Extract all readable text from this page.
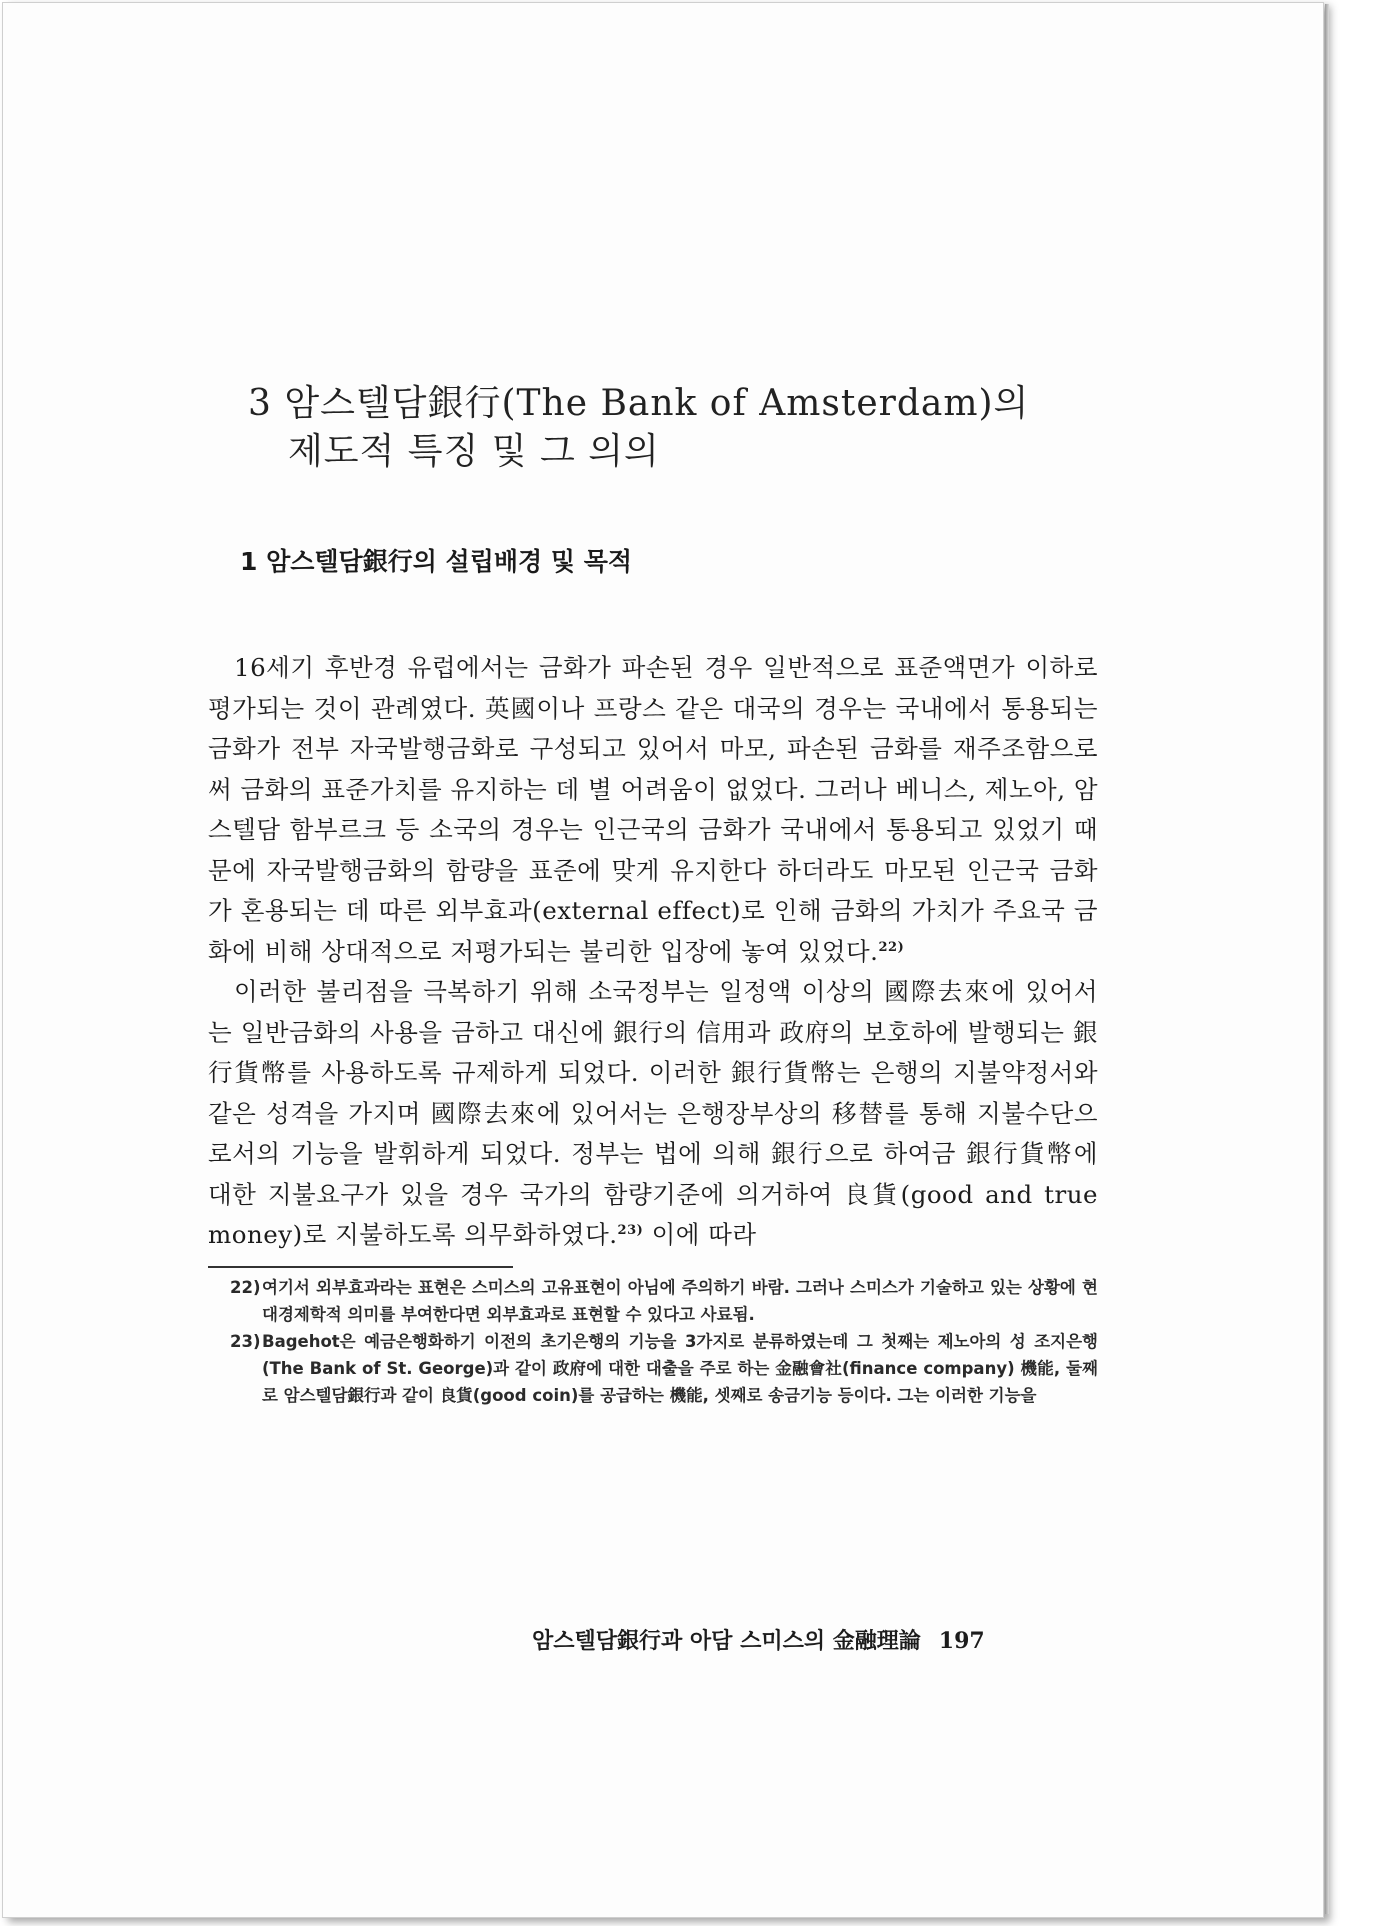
3 암스텔담銀行(The Bank of Amsterdam)의
제도적 특징 및 그 의의
1 암스텔담銀行의 설립배경 및 목적

16세기 후반경 유럽에서는 금화가 파손된 경우 일반적으로 표준액면가 이하로 평가되는 것이 관례였다. 英國이나 프랑스 같은 대국의 경우는 국내에서 통용되는 금화가 전부 자국발행금화로 구성되고 있어서 마모, 파손된 금화를 재주조함으로써 금화의 표준가치를 유지하는 데 별 어려움이 없었다. 그러나 베니스, 제노아, 암스텔담 함부르크 등 소국의 경우는 인근국의 금화가 국내에서 통용되고 있었기 때문에 자국발행금화의 함량을 표준에 맞게 유지한다 하더라도 마모된 인근국 금화가 혼용되는 데 따른 외부효과(external effect)로 인해 금화의 가치가 주요국 금화에 비해 상대적으로 저평가되는 불리한 입장에 놓여 있었다.$^{22)}$

이러한 불리점을 극복하기 위해 소국정부는 일정액 이상의 國際去來에 있어서는 일반금화의 사용을 금하고 대신에 銀行의 信用과 政府의 보호하에 발행되는 銀行貨幣를 사용하도록 규제하게 되었다. 이러한 銀行貨幣는 은행의 지불약정서와 같은 성격을 가지며 國際去來에 있어서는 은행장부상의 移替를 통해 지불수단으로서의 기능을 발휘하게 되었다. 정부는 법에 의해 銀行으로 하여금 銀行貨幣에 대한 지불요구가 있을 경우 국가의 함량기준에 의거하여 良貨(good and true money)로 지불하도록 의무화하였다.$^{23)}$ 이에 따라

22) 여기서 외부효과라는 표현은 스미스의 고유표현이 아님에 주의하기 바람. 그러나 스미스가 기술하고 있는 상황에 현대경제학적 의미를 부여한다면 외부효과로 표현할 수 있다고 사료됨.
23) Bagehot은 예금은행화하기 이전의 초기은행의 기능을 3가지로 분류하였는데 그 첫째는 제노아의 성 조지은행(The Bank of St. George)과 같이 政府에 대한 대출을 주로 하는 金融會社(finance company) 機能, 둘째로 암스텔담銀行과 같이 良貨(good coin)를 공급하는 機能, 셋째로 송금기능 등이다. 그는 이러한 기능을
암스텔담銀行과 아담 스미스의 金融理論 197
